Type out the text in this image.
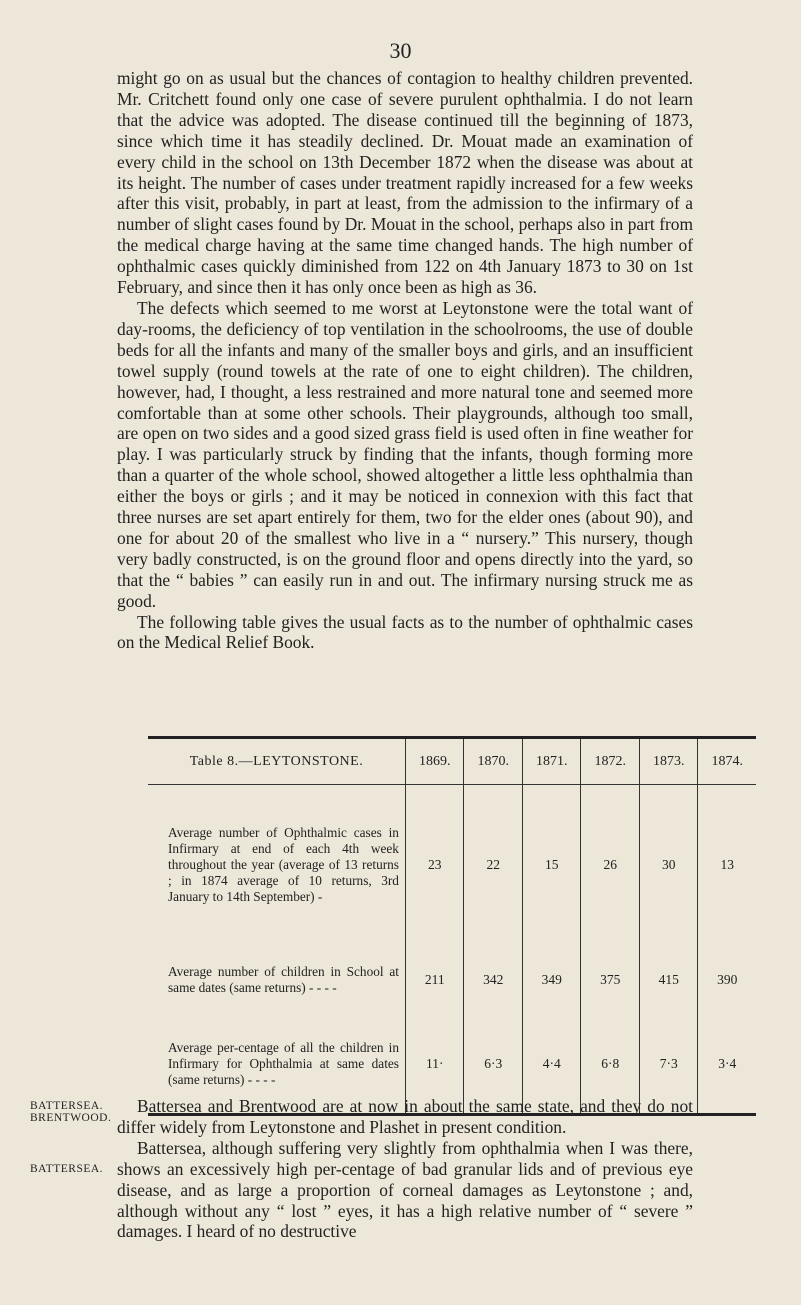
30

might go on as usual but the chances of contagion to healthy children prevented. Mr. Critchett found only one case of severe purulent ophthalmia. I do not learn that the advice was adopted. The disease continued till the beginning of 1873, since which time it has steadily declined. Dr. Mouat made an examination of every child in the school on 13th December 1872 when the disease was about at its height. The number of cases under treatment rapidly increased for a few weeks after this visit, probably, in part at least, from the admission to the infirmary of a number of slight cases found by Dr. Mouat in the school, perhaps also in part from the medical charge having at the same time changed hands. The high number of ophthalmic cases quickly diminished from 122 on 4th January 1873 to 30 on 1st February, and since then it has only once been as high as 36.

The defects which seemed to me worst at Leytonstone were the total want of day-rooms, the deficiency of top ventilation in the schoolrooms, the use of double beds for all the infants and many of the smaller boys and girls, and an insufficient towel supply (round towels at the rate of one to eight children). The children, however, had, I thought, a less restrained and more natural tone and seemed more comfortable than at some other schools. Their playgrounds, although too small, are open on two sides and a good sized grass field is used often in fine weather for play. I was particularly struck by finding that the infants, though forming more than a quarter of the whole school, showed altogether a little less ophthalmia than either the boys or girls ; and it may be noticed in connexion with this fact that three nurses are set apart entirely for them, two for the elder ones (about 90), and one for about 20 of the smallest who live in a “ nursery.” This nursery, though very badly constructed, is on the ground floor and opens directly into the yard, so that the “ babies ” can easily run in and out. The infirmary nursing struck me as good.

The following table gives the usual facts as to the number of ophthalmic cases on the Medical Relief Book.

Table 8.—LEYTONSTONE.	1869.	1870.	1871.	1872.	1873.	1874.
Average number of Ophthalmic cases in Infirmary at end of each 4th week throughout the year (average of 13 returns ; in 1874 average of 10 returns, 3rd January to 14th September) -	23	22	15	26	30	13
Average number of children in School at same dates (same returns) - - - -	211	342	349	375	415	390
Average per-centage of all the children in Infirmary for Ophthalmia at same dates (same returns) - - - -	11·	6·3	4·4	6·8	7·3	3·4
BATTERSEA.
BRENTWOOD.
BATTERSEA.

Battersea and Brentwood are at now in about the same state, and they do not differ widely from Leytonstone and Plashet in present condition.

Battersea, although suffering very slightly from ophthalmia when I was there, shows an excessively high per-centage of bad granular lids and of previous eye disease, and as large a proportion of corneal damages as Leytonstone ; and, although without any “ lost ” eyes, it has a high relative number of “ severe ” damages. I heard of no destructive
